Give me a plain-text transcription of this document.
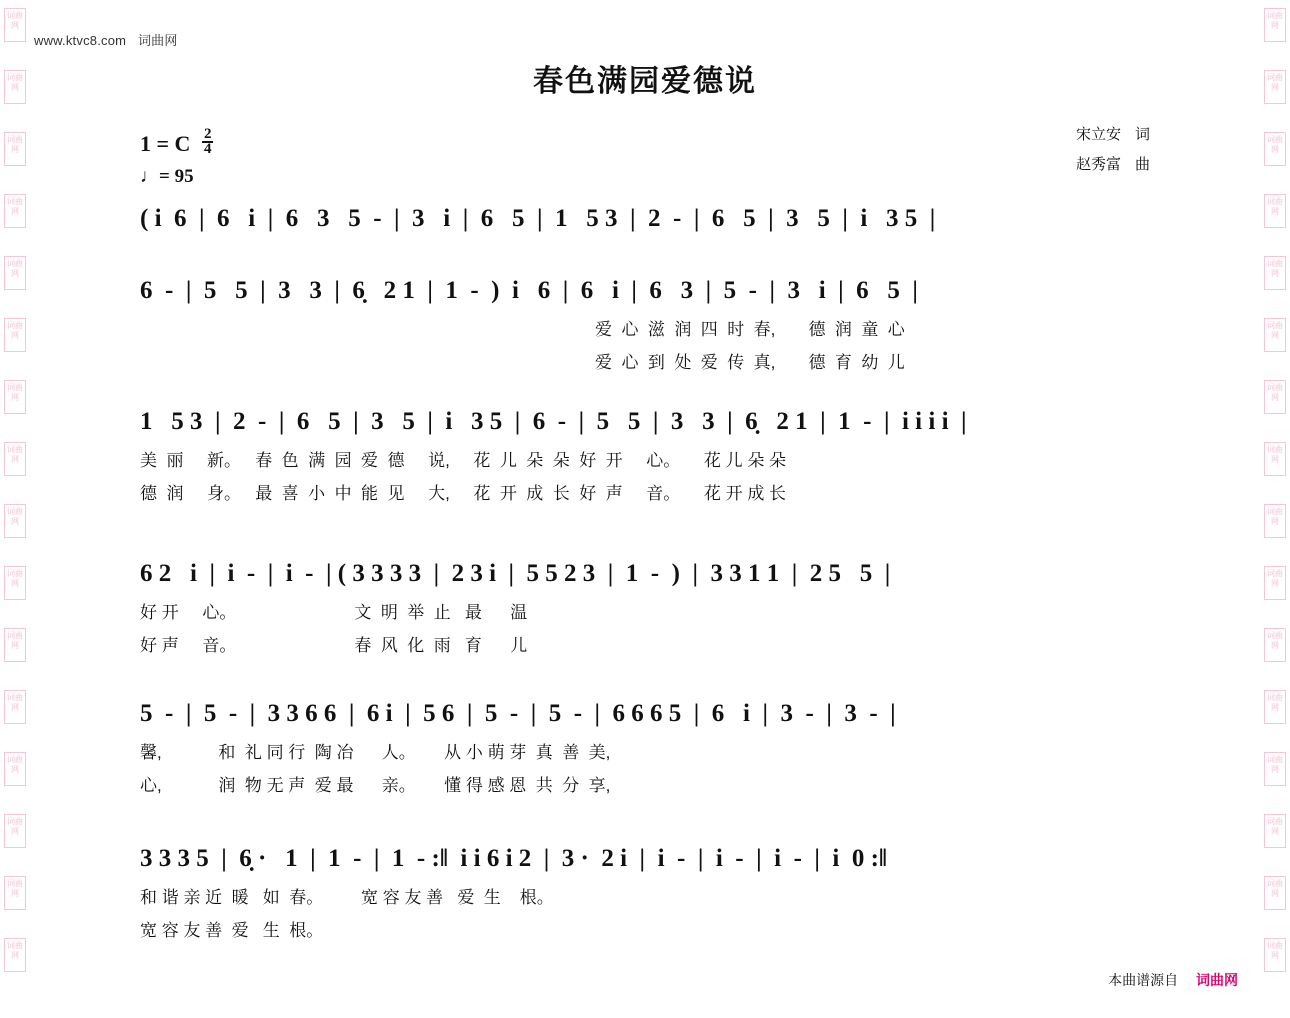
词曲网
词曲网
词曲网
词曲网
词曲网
词曲网
词曲网
词曲网
词曲网
词曲网
词曲网
词曲网
词曲网
词曲网
词曲网
词曲网
词曲网
词曲网
词曲网
词曲网
词曲网
词曲网
词曲网
词曲网
词曲网
词曲网
词曲网
词曲网
词曲网
词曲网
词曲网
词曲网
www.ktvc8.com 词曲网
春色满园爱德说
宋立安 词
赵秀富 曲
1 = C $\frac{2}{4}$
♩= 95
( i  6  |  6   i  |  6   3   5  -  |  3   i  |  6   5  |  1   5 3  |  2  -  |  6   5  |  3   5  |  i   3 5  |
6  -  |  5   5  |  3   3  |  6̣   2 1  |  1  -  )  i   6  |  6   i  |  6   3  |  5  -  |  3   i  |  6   5  |
爱  心  滋  润  四  时  春,       德  润  童  心
爱  心  到  处  爱  传  真,       德  育  幼  儿
1   5 3  |  2  -  |  6   5  |  3   5  |  i   3 5  |  6  -  |  5   5  |  3   3  |  6̣   2 1  |  1  -  |  i i i i  |
美  丽     新。   春  色  满  园  爱  德     说,     花  儿  朵  朵  好  开     心。     花 儿 朵 朵
德  润     身。   最  喜  小  中  能  见     大,     花  开  成  长  好  声     音。     花 开 成 长
6 2   i  |  i  -  |  i  -  | ( 3 3 3 3  |  2 3 i  |  5 5 2 3  |  1  -  )  |  3 3 1 1  |  2 5   5  |
好 开     心。                         文  明  举  止   最      温
好 声     音。                         春  风  化  雨   育      儿
5  -  |  5  -  |  3 3 6 6  |  6 i  |  5 6  |  5  -  |  5  -  |  6 6 6 5  |  6   i  |  3  -  |  3  -  |
馨,            和  礼 同 行  陶 冶      人。      从 小 萌 芽  真  善  美,
心,            润  物 无 声  爱 最      亲。      懂 得 感 恩  共  分  享,
3 3 3 5  |  6̣ ·   1  |  1  -  |  1  - :‖  i i 6 i 2  |  3 ·  2 i  |  i  -  |  i  -  |  i  -  |  i  0 :‖
和 谐 亲 近  暖   如  春。        宽 容 友 善   爱  生    根。
宽 容 友 善  爱   生  根。
本曲谱源自 词曲网
